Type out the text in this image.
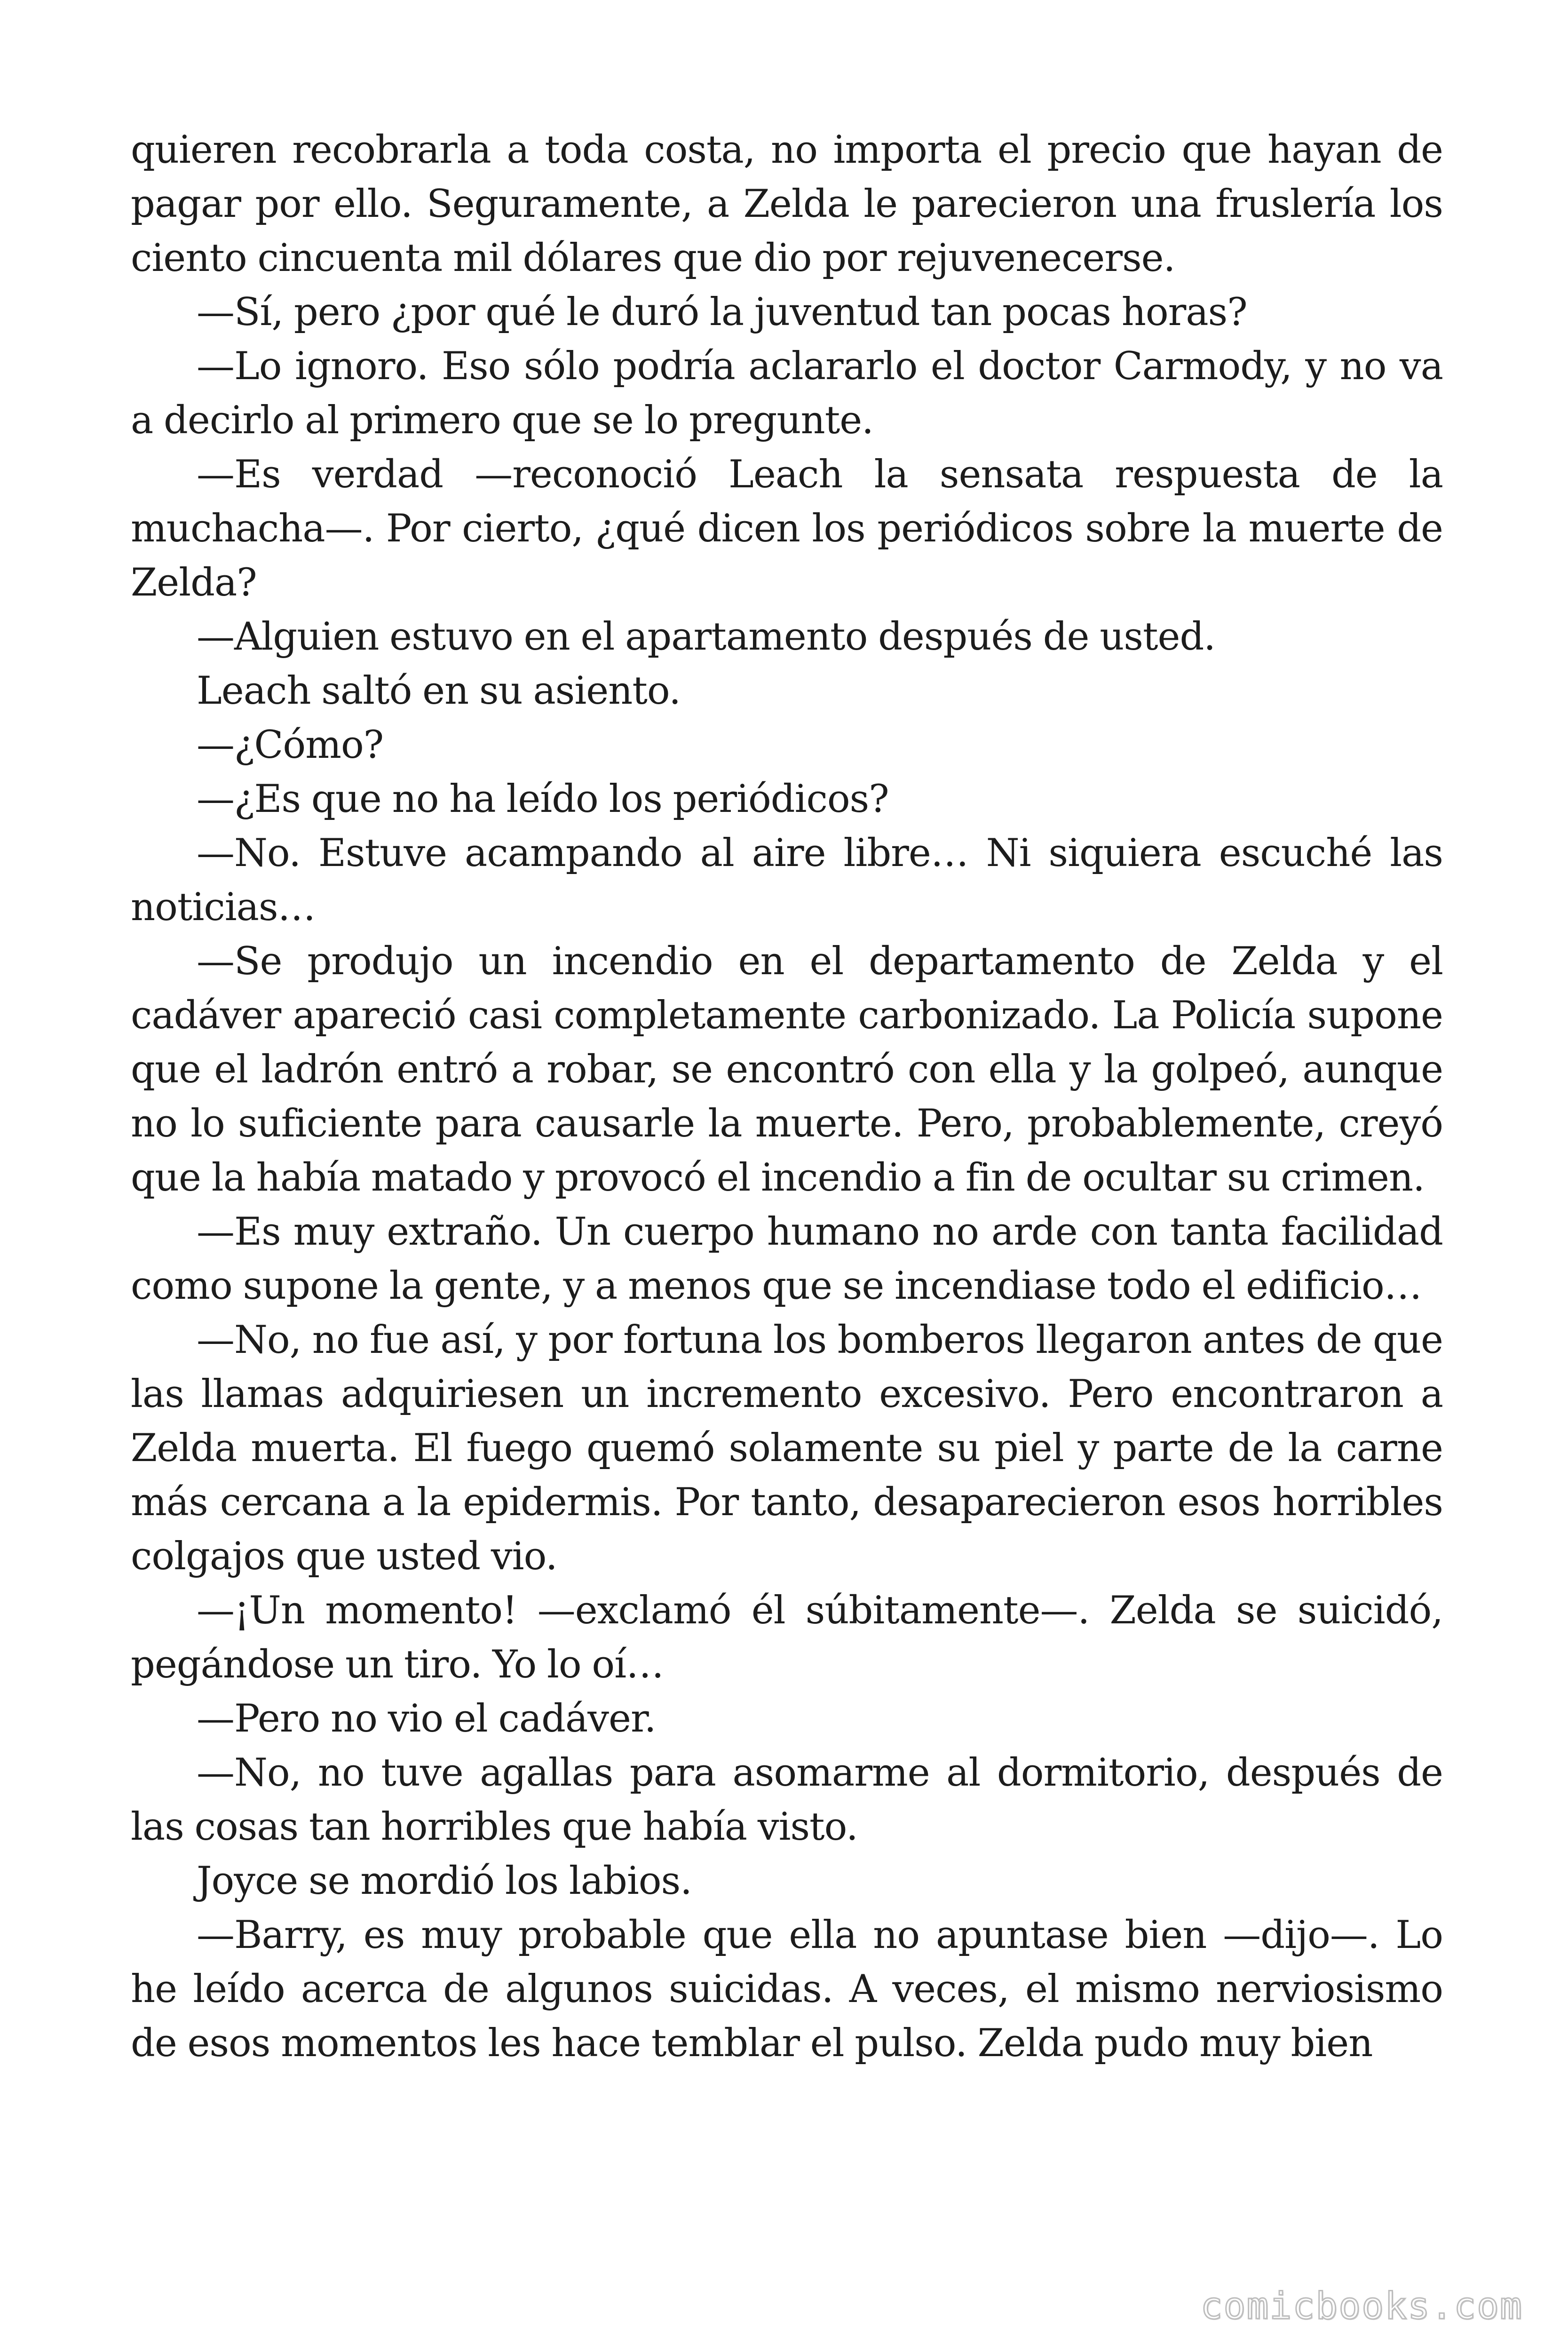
quieren recobrarla a toda costa, no importa el precio que hayan de pagar por ello. Seguramente, a Zelda le parecieron una fruslería los ciento cincuenta mil dólares que dio por rejuvenecerse.

—Sí, pero ¿por qué le duró la juventud tan pocas horas?

—Lo ignoro. Eso sólo podría aclararlo el doctor Carmody, y no va a decirlo al primero que se lo pregunte.

—Es verdad —reconoció Leach la sensata respuesta de la muchacha—. Por cierto, ¿qué dicen los periódicos sobre la muerte de Zelda?

—Alguien estuvo en el apartamento después de usted.

Leach saltó en su asiento.

—¿Cómo?

—¿Es que no ha leído los periódicos?

—No. Estuve acampando al aire libre… Ni siquiera escuché las noticias…

—Se produjo un incendio en el departamento de Zelda y el cadáver apareció casi completamente carbonizado. La Policía supone que el ladrón entró a robar, se encontró con ella y la golpeó, aunque no lo suficiente para causarle la muerte. Pero, probablemente, creyó que la había matado y provocó el incendio a fin de ocultar su crimen.

—Es muy extraño. Un cuerpo humano no arde con tanta facilidad como supone la gente, y a menos que se incendiase todo el edificio…

—No, no fue así, y por fortuna los bomberos llegaron antes de que las llamas adquiriesen un incremento excesivo. Pero encontraron a Zelda muerta. El fuego quemó solamente su piel y parte de la carne más cercana a la epidermis. Por tanto, desaparecieron esos horribles colgajos que usted vio.

—¡Un momento! —exclamó él súbitamente—. Zelda se suicidó, pegándose un tiro. Yo lo oí…

—Pero no vio el cadáver.

—No, no tuve agallas para asomarme al dormitorio, después de las cosas tan horribles que había visto.

Joyce se mordió los labios.

—Barry, es muy probable que ella no apuntase bien —dijo—. Lo he leído acerca de algunos suicidas. A veces, el mismo nerviosismo de esos momentos les hace temblar el pulso. Zelda pudo muy bien

comicbooks.com
